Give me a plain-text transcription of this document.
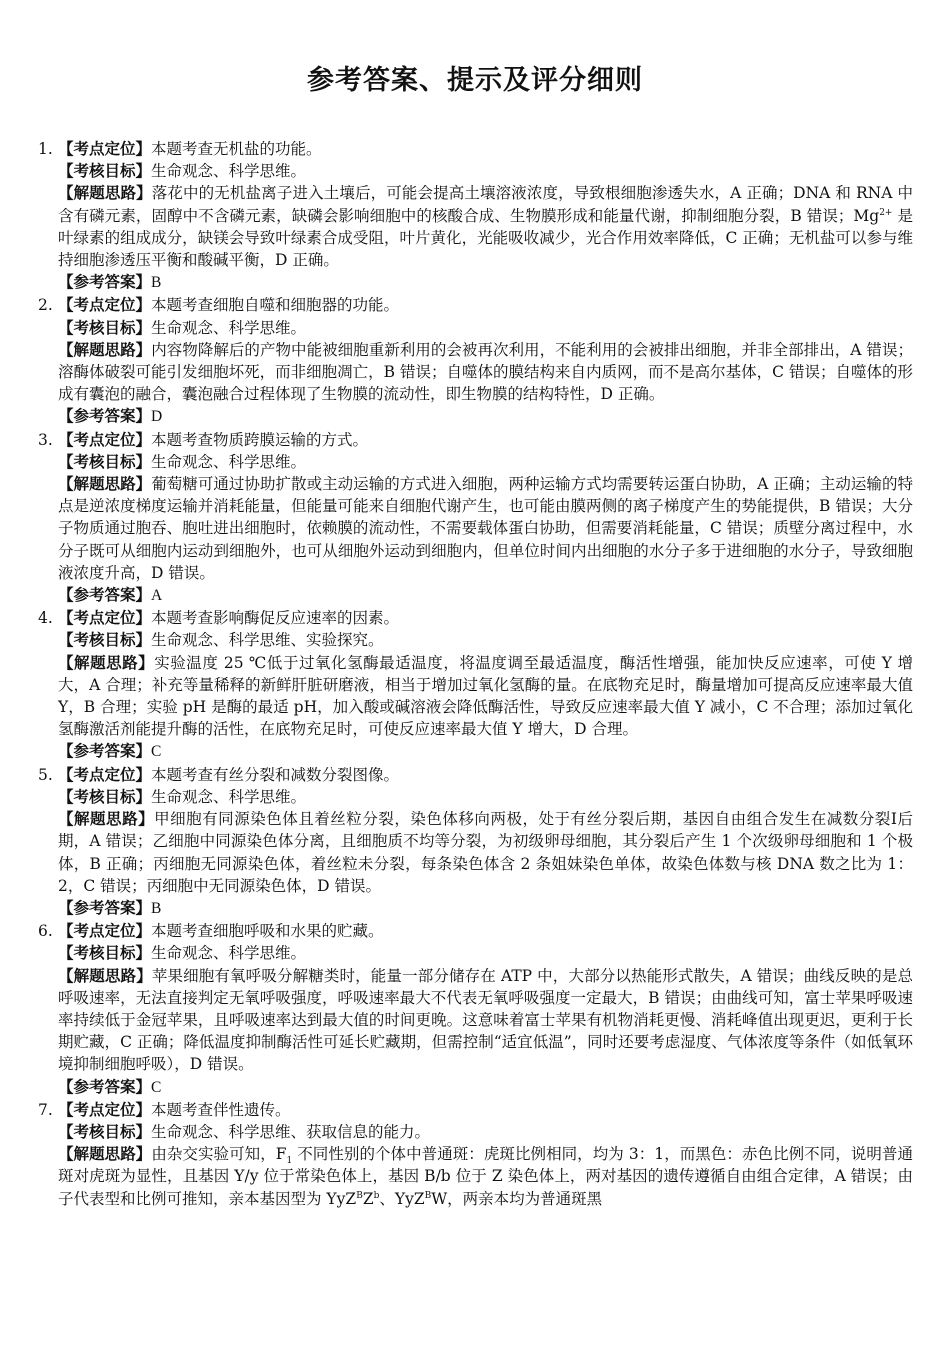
参考答案、提示及评分细则
1. 【考点定位】本题考查无机盐的功能。
【考核目标】生命观念、科学思维。
【解题思路】落花中的无机盐离子进入土壤后，可能会提高土壤溶液浓度，导致根细胞渗透失水，A 正确；DNA 和 RNA 中含有磷元素，固醇中不含磷元素，缺磷会影响细胞中的核酸合成、生物膜形成和能量代谢，抑制细胞分裂，B 错误；$Mg^{2+}$ 是叶绿素的组成成分，缺镁会导致叶绿素合成受阻，叶片黄化，光能吸收减少，光合作用效率降低，C 正确；无机盐可以参与维持细胞渗透压平衡和酸碱平衡，D 正确。
【参考答案】B
2. 【考点定位】本题考查细胞自噬和细胞器的功能。
【考核目标】生命观念、科学思维。
【解题思路】内容物降解后的产物中能被细胞重新利用的会被再次利用，不能利用的会被排出细胞，并非全部排出，A 错误；溶酶体破裂可能引发细胞坏死，而非细胞凋亡，B 错误；自噬体的膜结构来自内质网，而不是高尔基体，C 错误；自噬体的形成有囊泡的融合，囊泡融合过程体现了生物膜的流动性，即生物膜的结构特性，D 正确。
【参考答案】D
3. 【考点定位】本题考查物质跨膜运输的方式。
【考核目标】生命观念、科学思维。
【解题思路】葡萄糖可通过协助扩散或主动运输的方式进入细胞，两种运输方式均需要转运蛋白协助，A 正确；主动运输的特点是逆浓度梯度运输并消耗能量，但能量可能来自细胞代谢产生，也可能由膜两侧的离子梯度产生的势能提供，B 错误；大分子物质通过胞吞、胞吐进出细胞时，依赖膜的流动性，不需要载体蛋白协助，但需要消耗能量，C 错误；质壁分离过程中，水分子既可从细胞内运动到细胞外，也可从细胞外运动到细胞内，但单位时间内出细胞的水分子多于进细胞的水分子，导致细胞液浓度升高，D 错误。
【参考答案】A
4. 【考点定位】本题考查影响酶促反应速率的因素。
【考核目标】生命观念、科学思维、实验探究。
【解题思路】实验温度 25 ℃低于过氧化氢酶最适温度，将温度调至最适温度，酶活性增强，能加快反应速率，可使 Y 增大，A 合理；补充等量稀释的新鲜肝脏研磨液，相当于增加过氧化氢酶的量。在底物充足时，酶量增加可提高反应速率最大值 Y，B 合理；实验 pH 是酶的最适 pH，加入酸或碱溶液会降低酶活性，导致反应速率最大值 Y 减小，C 不合理；添加过氧化氢酶激活剂能提升酶的活性，在底物充足时，可使反应速率最大值 Y 增大，D 合理。
【参考答案】C
5. 【考点定位】本题考查有丝分裂和减数分裂图像。
【考核目标】生命观念、科学思维。
【解题思路】甲细胞有同源染色体且着丝粒分裂，染色体移向两极，处于有丝分裂后期，基因自由组合发生在减数分裂Ⅰ后期，A 错误；乙细胞中同源染色体分离，且细胞质不均等分裂，为初级卵母细胞，其分裂后产生 1 个次级卵母细胞和 1 个极体，B 正确；丙细胞无同源染色体，着丝粒未分裂，每条染色体含 2 条姐妹染色单体，故染色体数与核 DNA 数之比为 1：2，C 错误；丙细胞中无同源染色体，D 错误。
【参考答案】B
6. 【考点定位】本题考查细胞呼吸和水果的贮藏。
【考核目标】生命观念、科学思维。
【解题思路】苹果细胞有氧呼吸分解糖类时，能量一部分储存在 ATP 中，大部分以热能形式散失，A 错误；曲线反映的是总呼吸速率，无法直接判定无氧呼吸强度，呼吸速率最大不代表无氧呼吸强度一定最大，B 错误；由曲线可知，富士苹果呼吸速率持续低于金冠苹果，且呼吸速率达到最大值的时间更晚。这意味着富士苹果有机物消耗更慢、消耗峰值出现更迟，更利于长期贮藏，C 正确；降低温度抑制酶活性可延长贮藏期，但需控制“适宜低温”，同时还要考虑湿度、气体浓度等条件（如低氧环境抑制细胞呼吸），D 错误。
【参考答案】C
7. 【考点定位】本题考查伴性遗传。
【考核目标】生命观念、科学思维、获取信息的能力。
【解题思路】由杂交实验可知，$F_1$ 不同性别的个体中普通斑：虎斑比例相同，均为 3：1，而黑色：赤色比例不同，说明普通斑对虎斑为显性，且基因 Y/y 位于常染色体上，基因 B/b 位于 Z 染色体上，两对基因的遗传遵循自由组合定律，A 错误；由子代表型和比例可推知，亲本基因型为 $YyZ^BZ^b$、YyZ$^B$W，两亲本均为普通斑黑
